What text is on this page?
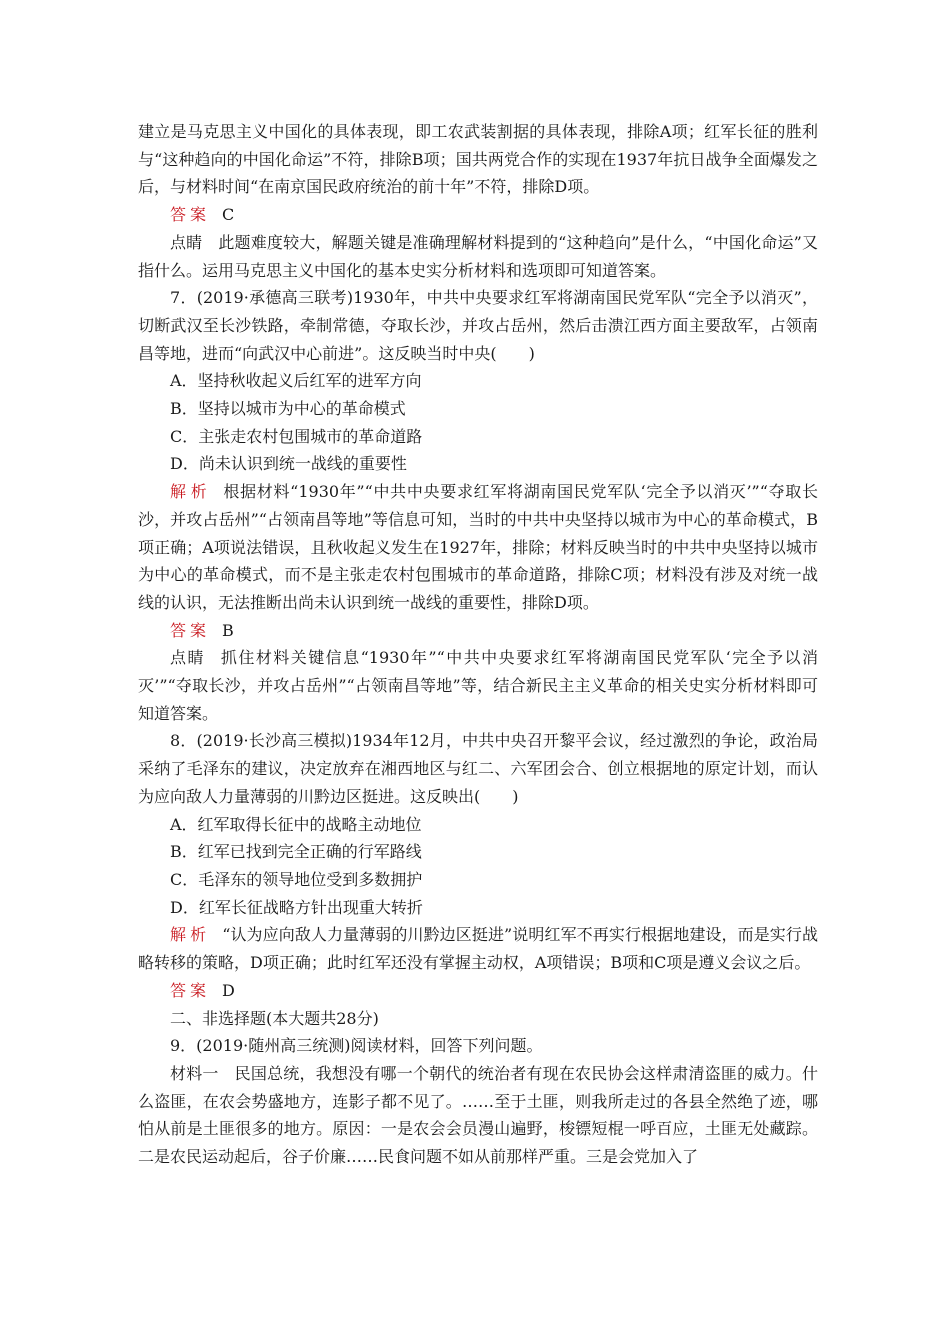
建立是马克思主义中国化的具体表现，即工农武装割据的具体表现，排除A项；红军长征的胜利与“这种趋向的中国化命运”不符，排除B项；国共两党合作的实现在1937年抗日战争全面爆发之后，与材料时间“在南京国民政府统治的前十年”不符，排除D项。

答案 C

点睛 此题难度较大，解题关键是准确理解材料提到的“这种趋向”是什么，“中国化命运”又指什么。运用马克思主义中国化的基本史实分析材料和选项即可知道答案。

7．(2019·承德高三联考)1930年，中共中央要求红军将湖南国民党军队“完全予以消灭”，切断武汉至长沙铁路，牵制常德，夺取长沙，并攻占岳州，然后击溃江西方面主要敌军，占领南昌等地，进而“向武汉中心前进”。这反映当时中央(　　)

A．坚持秋收起义后红军的进军方向

B．坚持以城市为中心的革命模式

C．主张走农村包围城市的革命道路

D．尚未认识到统一战线的重要性

解析 根据材料“1930年”“中共中央要求红军将湖南国民党军队‘完全予以消灭’”“夺取长沙，并攻占岳州”“占领南昌等地”等信息可知，当时的中共中央坚持以城市为中心的革命模式，B项正确；A项说法错误，且秋收起义发生在1927年，排除；材料反映当时的中共中央坚持以城市为中心的革命模式，而不是主张走农村包围城市的革命道路，排除C项；材料没有涉及对统一战线的认识，无法推断出尚未认识到统一战线的重要性，排除D项。

答案 B

点睛 抓住材料关键信息“1930年”“中共中央要求红军将湖南国民党军队‘完全予以消灭’”“夺取长沙，并攻占岳州”“占领南昌等地”等，结合新民主主义革命的相关史实分析材料即可知道答案。

8．(2019·长沙高三模拟)1934年12月，中共中央召开黎平会议，经过激烈的争论，政治局采纳了毛泽东的建议，决定放弃在湘西地区与红二、六军团会合、创立根据地的原定计划，而认为应向敌人力量薄弱的川黔边区挺进。这反映出(　　)

A．红军取得长征中的战略主动地位

B．红军已找到完全正确的行军路线

C．毛泽东的领导地位受到多数拥护

D．红军长征战略方针出现重大转折

解析 “认为应向敌人力量薄弱的川黔边区挺进”说明红军不再实行根据地建设，而是实行战略转移的策略，D项正确；此时红军还没有掌握主动权，A项错误；B项和C项是遵义会议之后。

答案 D

二、非选择题(本大题共28分)

9．(2019·随州高三统测)阅读材料，回答下列问题。

材料一 民国总统，我想没有哪一个朝代的统治者有现在农民协会这样肃清盗匪的威力。什么盗匪，在农会势盛地方，连影子都不见了。……至于土匪，则我所走过的各县全然绝了迹，哪怕从前是土匪很多的地方。原因：一是农会会员漫山遍野，梭镖短棍一呼百应，土匪无处藏踪。二是农民运动起后，谷子价廉……民食问题不如从前那样严重。三是会党加入了
